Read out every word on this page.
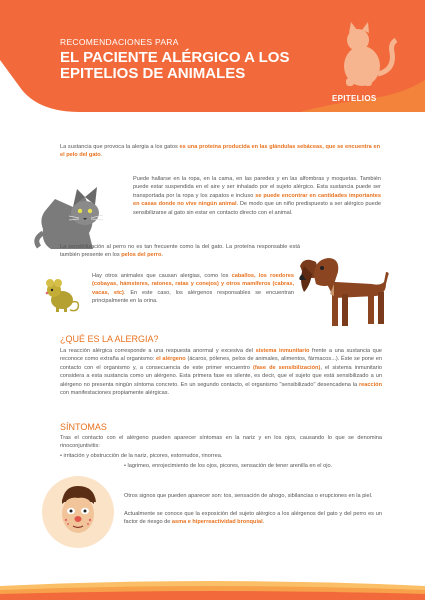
RECOMENDACIONES PARA
EL PACIENTE ALÉRGICO A LOS
EPITELIOS DE ANIMALES
EPITELIOS

La sustancia que provoca la alergia a los gatos es una proteína producida en las glándulas sebáceas, que se encuentra en el pelo del gato.

Puede hallarse en la ropa, en la cama, en las paredes y en las alfombras y moquetas. También puede estar suspendida en el aire y ser inhalado por el sujeto alérgico. Esta sustancia puede ser transportada por la ropa y los zapatos e incluso se puede encontrar en cantidades importantes en casas donde no vive ningún animal. De modo que un niño predispuesto a ser alérgico puede sensibilizarse al gato sin estar en contacto directo con el animal.

La sensibilización al perro no es tan frecuente como la del gato. La proteína responsable está también presente en los pelos del perro.

Hay otros animales que causan alergias, como los caballos, los roedores (cobayas, hámsteres, ratones, ratas y conejos) y otros mamíferos (cabras, vacas, etc). En este caso, los alérgenos responsables se encuentran principalmente en la orina.

¿QUÉ ES LA ALERGIA?

La reacción alérgica corresponde a una respuesta anormal y excesiva del sistema inmunitario frente a una sustancia que reconoce como extraña al organismo: el alérgeno (ácaros, pólenes, pelos de animales, alimentos, fármacos...). Éste se pone en contacto con el organismo y, a consecuencia de este primer encuentro (fase de sensibilización), el sistema inmunitario considera a esta sustancia como un alérgeno. Esta primera fase es silente, es decir, que el sujeto que está sensibilizado a un alérgeno no presenta ningún síntoma concreto. En un segundo contacto, el organismo "sensibilizado" desencadena la reacción con manifestaciones propiamente alérgicas.

SÍNTOMAS

Tras el contacto con el alérgeno pueden aparecer síntomas en la nariz y en los ojos, causando lo que se denomina rinoconjuntivitis:

• irritación y obstrucción de la nariz, picores, estornudos, rinorrea.

• lagrimeo, enrojecimiento de los ojos, picores, sensación de tener arenilla en el ojo.

Otros signos que pueden aparecer son: tos, sensación de ahogo, sibilancias o erupciones en la piel.

Actualmente se conoce que la exposición del sujeto alérgico a los alérgenos del gato y del perro es un factor de riesgo de asma e hiperreactividad bronquial.
